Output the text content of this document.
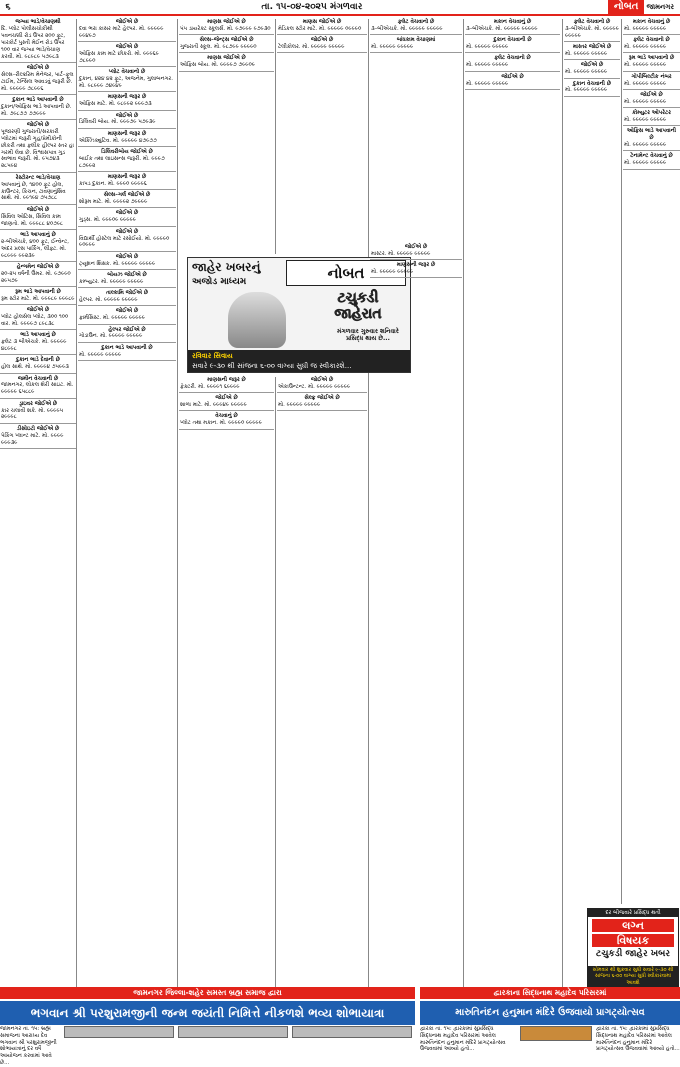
૬	તા. ૧૫-૦૪-૨૦૨૫ મંગળવાર	નોબત	જામનગર

જગ્યા ભાડે/વેચાણથી
દિ. પ્લોટ પોલીસચોકીથી પવનચક્કી રોડ ઉપર ૨૦૦ ફૂટ, પારકોર્ટ પુસ્તી મેઈન રોડ ઉપર ૧૦૦ વાર જગ્યા ભાડે/વેચાણ કરવી. મો. ૯૮૯૮૯ ૫૭૯૮૩

જોઈએ છે
સેલ્સ–રીલ્ક્રરિમ મેનેજર, પાર્ટ–ફૂલ ટાઈમ, ટેન્સિલ આવડવું જરૂરી છે. મો. ૯૯૯૯૯ ૭૮૯૯૬

દુકાન ભાડે આપવાની છે
દુકાન/ઓફિસ ભાડે આપવાની છે. મો. ૭૯૮૭૭ ૭૭૯૯૯

જોઈએ છે
પૂજારણી ગુજરાતી/સરકારી પ્લોટમાં જરૂરી ગૃહ/પ્રેમીકોની છોકરી તથા ફ્લીક હીલ્પર સ્તર હા ગરમી લેવા છે. વિશ્વાસપાત્ર ગુડ સ્વભાવ જરૂરી. મો. ૯૫૭૪૩ ૨૮૫૯૪

રેસ્ટોરન્ટ ભાડે/વેચાણ
આપવાનું છે, ૧૪૦૦ ફૂટ હોલ, કાઉન્ટર, કિચન, ટાવણાનુંશિવ સાથે. મો. ૯૯૧૯૪ ૭૫૭૮૮

જોઈએ છે
સિવિલ ઓટિસ, સિવિલ કામ જાણતો. મો. ૯૯૯૮૮ ૪૦૭૯૮

ભાડે આપવાનું છે
૨-બીએચકે, ૪૦૦ ફૂટ, ઈન્વેન્ટ, અંદર પ્રલ્સ પાર્કિંગ, લીફ્ટ. મો. ૯૮૯૯૯ ૯૯૨૩૯

હેન્ગમેન જોઈએ છે
૨૦-૨૫ વર્ષની ઉંમર. મો. ૯૭૯૯૦ ૨૯૫૭૯

રૂમ ભાડે આપવાની છે
રૂમ સ્ટોર માટે. મો. ૯૯૯૮૯ ૯૯૯૮૯

જોઈએ છે
પ્લોટ હોલસેલ પ્લોટ, ૩૦૦ ૧૦૦ વાર. મો. ૯૯૯૯૭ ૮૯૮૩૮

ભાડે આપવાનું છે
ફ્લેટ ૩ બીએચકે. મો. ૯૯૯૯૯ ૪૮૯૯૮

દુકાન ભાડે દેવાની છે
હોલ સાથે. મો. ૯૯૯૯૪ ૭૫૯૯૩

જમીન વેચવાની છે
જામનગર, લોકલ શેરી સાઇટ. મો. ૯૯૯૯૯ ૬૫૮૮૯

ડ્રાઇવર જોઈએ છે
કાર ચલાવી શકે. મો. ૯૯૯૯૫ ૨૯૯૯૮

ડીસોઇટો જોઈએ છે
પેકિંગ પ્લાન્ટ માટે. મો. ૯૯૯૯ ૯૯૯૩૯

જોઈએ છે
દવા ભરા કાસર માટે હેલ્પર. મો. ૯૯૯૯૯ ૯૯૪૯૭

જોઈએ છે
ઓફિસ કામ માટે છોકરો. મો. ૯૯૯૬૯ ૭૮૯૯૦

પ્લોટ વેચવાનો છે
દુકાન, ૪૨૪ ૪૨ ફૂટ, અજનેમ, ગુલાબનગર. મો. ૯૮૯૯૯ ૭૪૯૪૯

માણસની જરૂર છે
ઓફિસ માટે. મો. ૯૮૯૯૨ ૯૯૯૭૩

જોઈએ છે
ડિલિવરી બોય. મો. ૯૯૯૭૯ ૫૭૯૩૯

માણસની જરૂર છે
એક્ઝિક્યુટિવ. મો. ૯૯૯૯૯ ૪૭૯૭૭

ડિલિવરીબોય જોઈએ છે
બાઈક તથા લાઇસન્સ જરૂરી. મો. ૯૯૯૭ ૮૭૯૯૨

માણસની જરૂર છે
કાપડ દુકાન. મો. ૯૯૯૦ ૯૯૯૯૬

સેલ્સ–ગર્લ જોઈએ છે
શોરૂમ માટે. મો. ૯૯૯૯૨ ૭૯૯૯૯

જોઈએ છે
ગુડ્સ. મો. ૯૯૯૦૯ ૯૯૯૯૯

જોઈએ છે
વિદ્યાર્થી હોસ્ટેલ માટે રસોઈયો. મો. ૯૯૯૯૦ ૯૦૯૯૯

જોઈએ છે
ટ્યૂશન શિક્ષક. મો. ૯૯૯૯૯ ૯૯૯૯૯

બોયઝ જોઈએ છે
કમ્પ્યુટર. મો. ૯૯૯૯૯ ૯૯૯૯૯

તાલ્કામિ જોઈએ છે
હેલ્પર. મો. ૯૯૯૯૯ ૯૯૯૯૯

જોઈએ છે
ફાર્મસિસ્ટ. મો. ૯૯૯૯૯ ૯૯૯૯૯

હેલ્પર જોઈએ છે
ગોડાઉન. મો. ૯૯૯૯૯ ૯૯૯૯૯

દુકાન ભાડે આપવાની છે
મો. ૯૯૯૯૯ ૯૯૯૯૯

માણસ જોઈએ છે
પંપ ડાયરેક્ટ સ્કૂલર્સ. મો. ૯૭૯૯૯ ૯૭૯૩૦

સેલ્સ–જેન્ટ્સ જોઈએ છે
ગુજરાતી સ્કૂલ. મો. ૯૮૭૯૯ ૯૯૯૯૦

માણસ જોઈએ છે
ઓફિસ બોય. મો. ૯૯૯૯૭ ૭૯૯૦૯

માણસ જોઈએ છે
મેડિકલ સ્ટોર માટે. મો. ૯૯૯૯૯ ૦૯૯૯૦

જોઈએ છે
ટેલીકોલર. મો. ૯૯૯૯૯ ૯૯૯૯૯

ફ્લેટ વેચવાનો છે
૩–બીએચકે. મો. ૯૯૯૯૯ ૯૯૯૯૯

બાંધકામ વેચાણમાં
મો. ૯૯૯૯૯ ૯૯૯૯૯

મકાન વેચવાનું છે
૩–બીએચકે. મો. ૯૯૯૯૯ ૯૯૯૯૯

દુકાન વેચવાની છે
મો. ૯૯૯૯૯ ૯૯૯૯૯

ફ્લેટ વેચવાનો છે
મો. ૯૯૯૯૯ ૯૯૯૯૯

જોઈએ છે
મો. ૯૯૯૯૯ ૯૯૯૯૯

ફ્લેટ વેચવાનો છે
૩–બીએચકે. મો. ૯૯૯૯૯ ૯૯૯૯૯

માસ્તર જોઈએ છે
મો. ૯૯૯૯૯ ૯૯૯૯૯

જોઈએ છે
મો. ૯૯૯૯૯ ૯૯૯૯૯

દુકાન વેચવાની છે
મો. ૯૯૯૯૯ ૯૯૯૯૯

મકાન વેચવાનું છે
મો. ૯૯૯૯૯ ૯૯૯૯૯

ફ્લેટ વેચવાનો છે
મો. ૯૯૯૯૯ ૯૯૯૯૯

રૂમ ભાડે આપવાનો છે
મો. ૯૯૯૯૯ ૯૯૯૯૯

ગોપીબિલ્ટીક નંબર
મો. ૯૯૯૯૯ ૯૯૯૯૯

જોઈએ છે
મો. ૯૯૯૯૯ ૯૯૯૯૯

કોમ્યુટર ઓપરેટર
મો. ૯૯૯૯૯ ૯૯૯૯૯

ઓફિસ ભાડે આપવાની છે
મો. ૯૯૯૯૯ ૯૯૯૯૯

ટેનામેન્ટ વેચવાનું છે
મો. ૯૯૯૯૯ ૯૯૯૯૯

જાહેર ખબરનું
અજોડ માધ્યમ	નોબત
ટચુકડી
જાહેરાત
મંગળવાર ગુરુવાર શનિવારે પ્રસિદ્ધ થાય છે...
રવિવાર સિવાય
સવારે ૯-૩૦ થી સાંજના ૬-૦૦ વાગ્યા સુધી જ સ્વીકારશે...

માણસની જરૂર છે
ફેક્ટરી. મો. ૯૯૯૯૧ ૬૯૯૯૯

જોઈએ છે
શાળા માટે. મો. ૯૯૯૪૯ ૯૯૯૯૯

વેચવાનું છે
પ્લોટ તથા મકાન. મો. ૯૯૯૯૦ ૯૯૯૯૯

જોઈએ છે
એકાઉન્ટન્ટ. મો. ૯૯૯૯૯ ૯૯૯૯૯

સેલ્ફ્ર જોઈએ છે
મો. ૯૯૯૯૯ ૯૯૯૯૯

જોઈએ છે
માસ્ટર. મો. ૯૯૯૯૯ ૯૯૯૯૯

માણસની જરૂર છે
મો. ૯૯૯૯૯ ૯૯૯૯૯

દર બીજવારે પ્રસિદ્ધ થતી
લગ્ન
વિષયક
ટચુકડી જાહેર ખબર
સોમવાર થી શુક્રવાર સુધી સવારે ૯-૩૦ થી સાંજના ૬-૦૦ વાગ્યા સુધી સ્વીકારવામાં આવશે
જામનગર જિલ્લા-શહેર સમસ્ત બ્રહ્મ સમાજ દ્વારા
ભગવાન શ્રી પરશુરામજીની જન્મ જયંતી નિમિત્તે નીકળશે ભવ્ય શોભાયાત્રા
જામનગર તા. ૧૫: બ્રહ્મ સમાજના આરાધ્ય દેવ ભગવાન શ્રી પરશુરામજીની શોભાયાત્રાનું દર વર્ષે આયોજન કરવામાં આવે છે...
દ્વારકાના સિદ્ધનાથ મહાદેવ પરિસરમાં
મારુતિનંદન હનુમાન મંદિરે ઉજવાયો પ્રાગટ્યોત્સવ
દ્વારકા તા. ૧૫: દ્વારકામાં સુપ્રસિદ્ધ સિદ્ધનાથ મહાદેવ પરિસરમાં આવેલ મારુતિનંદન હનુમાન મંદિરે પ્રાગટ્યોત્સવ ઉજવવામાં આવ્યો હતો...
દ્વારકા તા. ૧૫: દ્વારકામાં સુપ્રસિદ્ધ સિદ્ધનાથ મહાદેવ પરિસરમાં આવેલ મારુતિનંદન હનુમાન મંદિરે પ્રાગટ્યોત્સવ ઉજવવામાં આવ્યો હતો...
